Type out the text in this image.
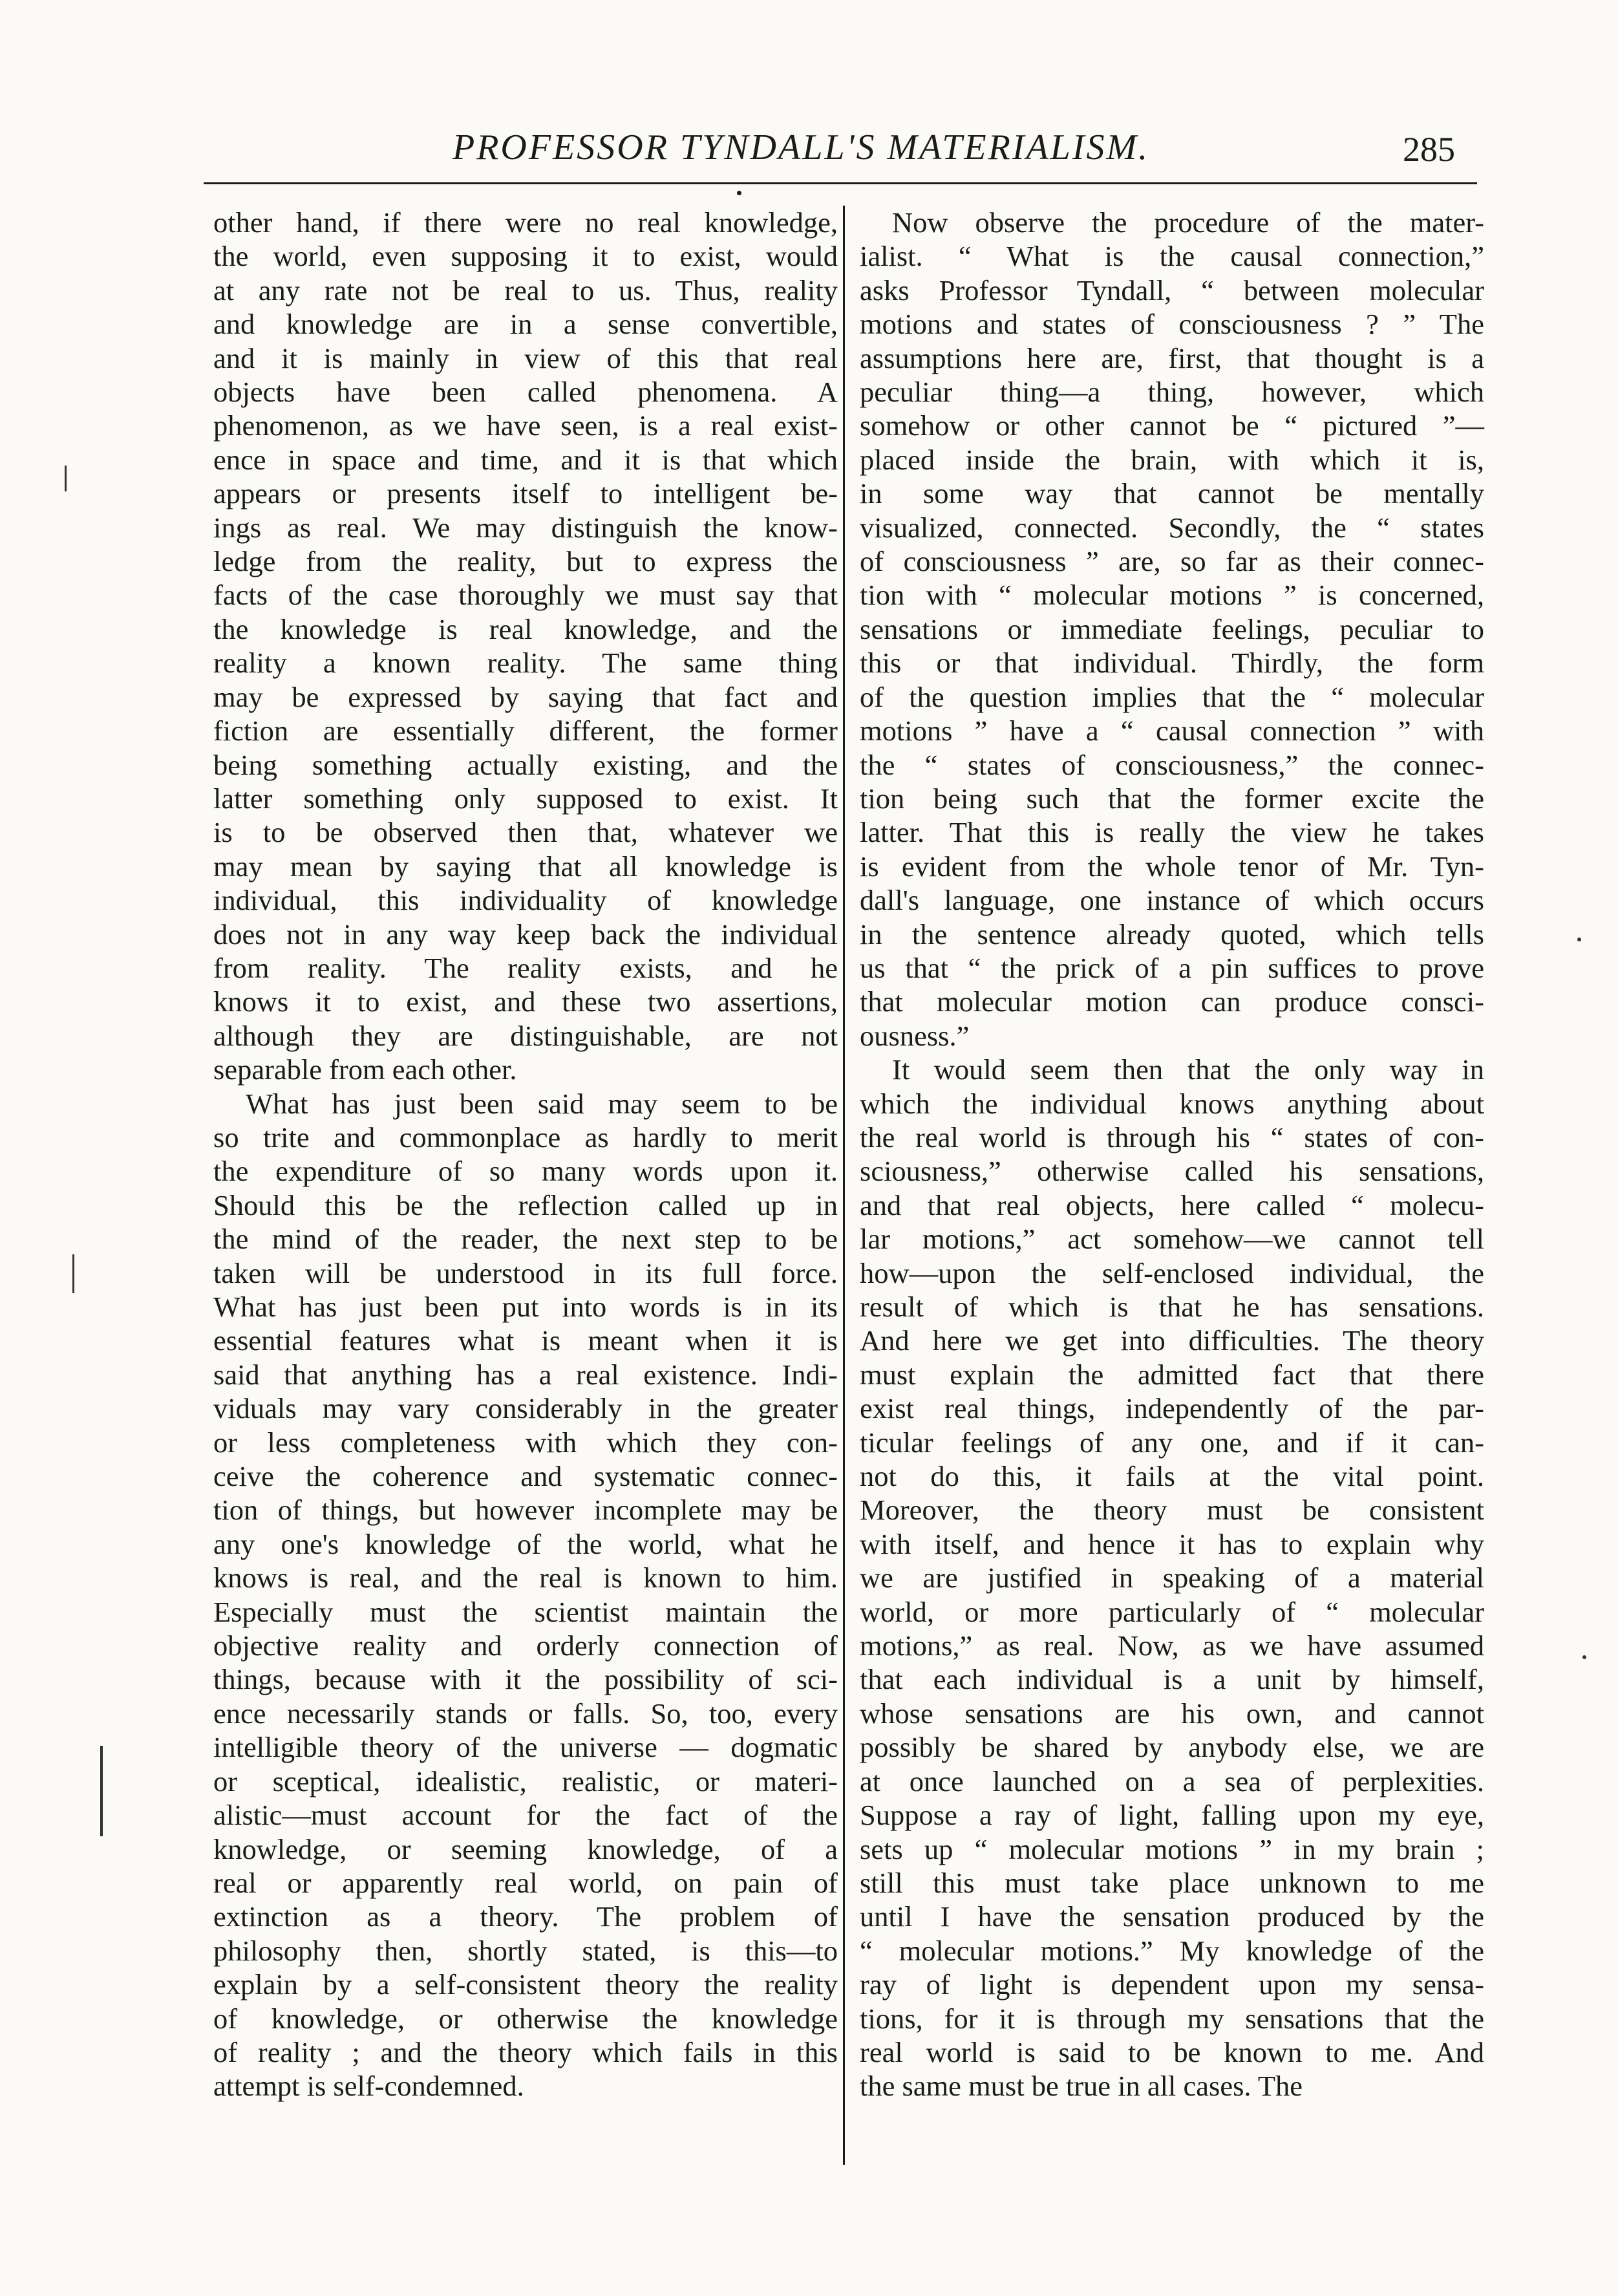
PROFESSOR TYNDALL'S MATERIALISM.	285

other hand, if there were no real knowledge,
the world, even supposing it to exist, would
at any rate not be real to us. Thus, reality
and knowledge are in a sense convertible,
and it is mainly in view of this that real
objects have been called phenomena. A
phenomenon, as we have seen, is a real exist-
ence in space and time, and it is that which
appears or presents itself to intelligent be-
ings as real. We may distinguish the know-
ledge from the reality, but to express the
facts of the case thoroughly we must say that
the knowledge is real knowledge, and the
reality a known reality. The same thing
may be expressed by saying that fact and
fiction are essentially different, the former
being something actually existing, and the
latter something only supposed to exist. It
is to be observed then that, whatever we
may mean by saying that all knowledge is
individual, this individuality of knowledge
does not in any way keep back the individual
from reality. The reality exists, and he
knows it to exist, and these two assertions,
although they are distinguishable, are not
separable from each other.

What has just been said may seem to be
so trite and commonplace as hardly to merit
the expenditure of so many words upon it.
Should this be the reflection called up in
the mind of the reader, the next step to be
taken will be understood in its full force.
What has just been put into words is in its
essential features what is meant when it is
said that anything has a real existence. Indi-
viduals may vary considerably in the greater
or less completeness with which they con-
ceive the coherence and systematic connec-
tion of things, but however incomplete may be
any one's knowledge of the world, what he
knows is real, and the real is known to him.
Especially must the scientist maintain the
objective reality and orderly connection of
things, because with it the possibility of sci-
ence necessarily stands or falls. So, too, every
intelligible theory of the universe — dogmatic
or sceptical, idealistic, realistic, or materi-
alistic—must account for the fact of the
knowledge, or seeming knowledge, of a
real or apparently real world, on pain of
extinction as a theory. The problem of
philosophy then, shortly stated, is this—to
explain by a self-consistent theory the reality
of knowledge, or otherwise the knowledge
of reality ; and the theory which fails in this
attempt is self-condemned.

Now observe the procedure of the mater-
ialist. “ What is the causal connection,”
asks Professor Tyndall, “ between molecular
motions and states of consciousness ? ” The
assumptions here are, first, that thought is a
peculiar thing—a thing, however, which
somehow or other cannot be “ pictured ”—
placed inside the brain, with which it is,
in some way that cannot be mentally
visualized, connected. Secondly, the “ states
of consciousness ” are, so far as their connec-
tion with “ molecular motions ” is concerned,
sensations or immediate feelings, peculiar to
this or that individual. Thirdly, the form
of the question implies that the “ molecular
motions ” have a “ causal connection ” with
the “ states of consciousness,” the connec-
tion being such that the former excite the
latter. That this is really the view he takes
is evident from the whole tenor of Mr. Tyn-
dall's language, one instance of which occurs
in the sentence already quoted, which tells
us that “ the prick of a pin suffices to prove
that molecular motion can produce consci-
ousness.”

It would seem then that the only way in
which the individual knows anything about
the real world is through his “ states of con-
sciousness,” otherwise called his sensations,
and that real objects, here called “ molecu-
lar motions,” act somehow—we cannot tell
how—upon the self-enclosed individual, the
result of which is that he has sensations.
And here we get into difficulties. The theory
must explain the admitted fact that there
exist real things, independently of the par-
ticular feelings of any one, and if it can-
not do this, it fails at the vital point.
Moreover, the theory must be consistent
with itself, and hence it has to explain why
we are justified in speaking of a material
world, or more particularly of “ molecular
motions,” as real. Now, as we have assumed
that each individual is a unit by himself,
whose sensations are his own, and cannot
possibly be shared by anybody else, we are
at once launched on a sea of perplexities.
Suppose a ray of light, falling upon my eye,
sets up “ molecular motions ” in my brain ;
still this must take place unknown to me
until I have the sensation produced by the
“ molecular motions.” My knowledge of the
ray of light is dependent upon my sensa-
tions, for it is through my sensations that the
real world is said to be known to me. And
the same must be true in all cases. The
